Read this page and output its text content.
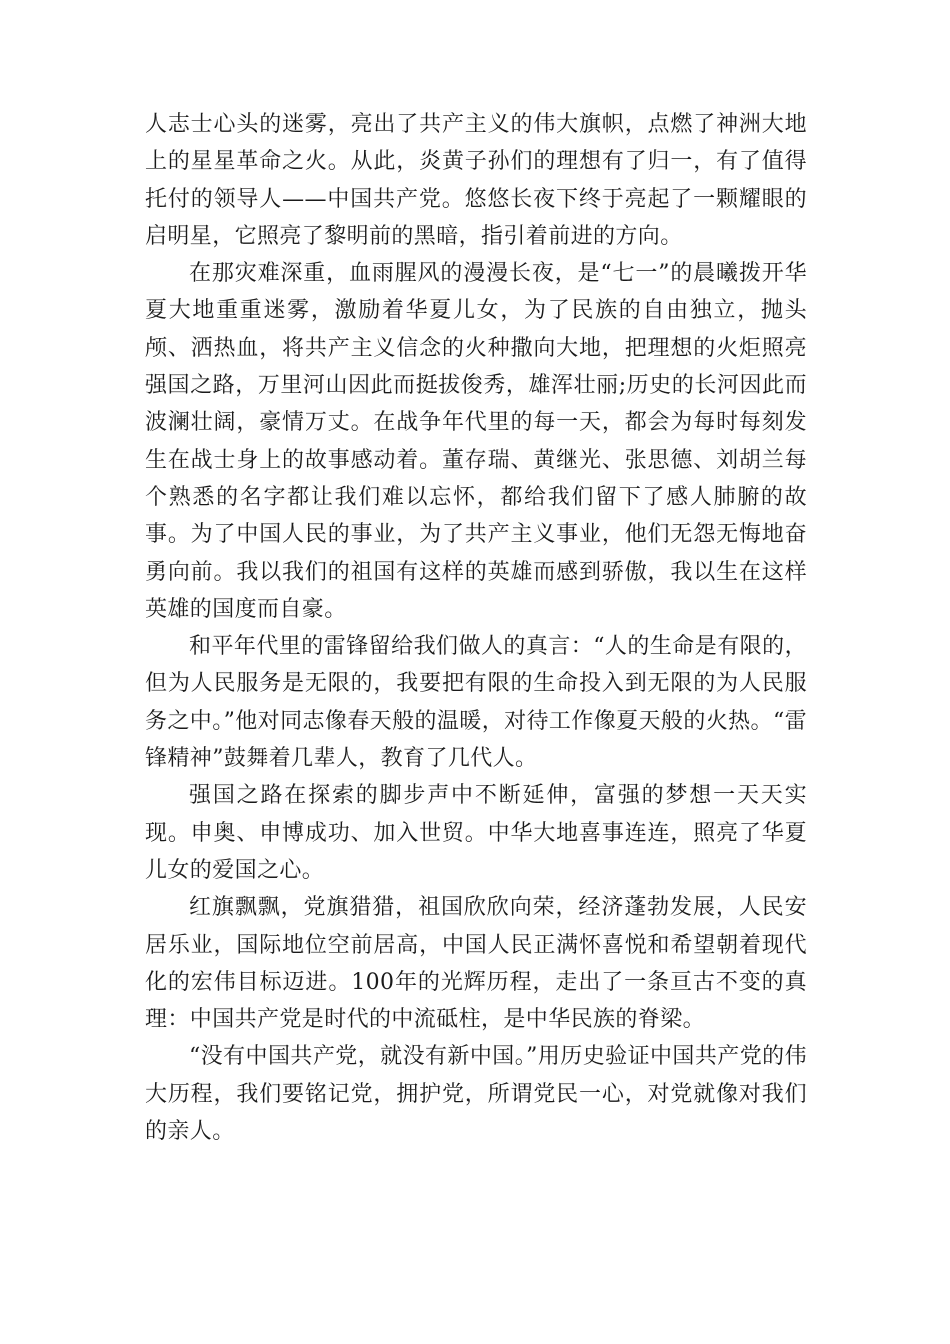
人志士心头的迷雾，亮出了共产主义的伟大旗帜，点燃了神洲大地上的星星革命之火。从此，炎黄子孙们的理想有了归一，有了值得托付的领导人——中国共产党。悠悠长夜下终于亮起了一颗耀眼的启明星，它照亮了黎明前的黑暗，指引着前进的方向。

在那灾难深重，血雨腥风的漫漫长夜，是“七一”的晨曦拨开华夏大地重重迷雾，激励着华夏儿女，为了民族的自由独立，抛头颅、洒热血，将共产主义信念的火种撒向大地，把理想的火炬照亮强国之路，万里河山因此而挺拔俊秀，雄浑壮丽;历史的长河因此而波澜壮阔，豪情万丈。在战争年代里的每一天，都会为每时每刻发生在战士身上的故事感动着。董存瑞、黄继光、张思德、刘胡兰每个熟悉的名字都让我们难以忘怀，都给我们留下了感人肺腑的故事。为了中国人民的事业，为了共产主义事业，他们无怨无悔地奋勇向前。我以我们的祖国有这样的英雄而感到骄傲，我以生在这样英雄的国度而自豪。

和平年代里的雷锋留给我们做人的真言：“人的生命是有限的，但为人民服务是无限的，我要把有限的生命投入到无限的为人民服务之中。”他对同志像春天般的温暖，对待工作像夏天般的火热。“雷锋精神”鼓舞着几辈人，教育了几代人。

强国之路在探索的脚步声中不断延伸，富强的梦想一天天实现。申奥、申博成功、加入世贸。中华大地喜事连连，照亮了华夏儿女的爱国之心。

红旗飘飘，党旗猎猎，祖国欣欣向荣，经济蓬勃发展，人民安居乐业，国际地位空前居高，中国人民正满怀喜悦和希望朝着现代化的宏伟目标迈进。100年的光辉历程，走出了一条亘古不变的真理：中国共产党是时代的中流砥柱，是中华民族的脊梁。

“没有中国共产党，就没有新中国。”用历史验证中国共产党的伟大历程，我们要铭记党，拥护党，所谓党民一心，对党就像对我们的亲人。
